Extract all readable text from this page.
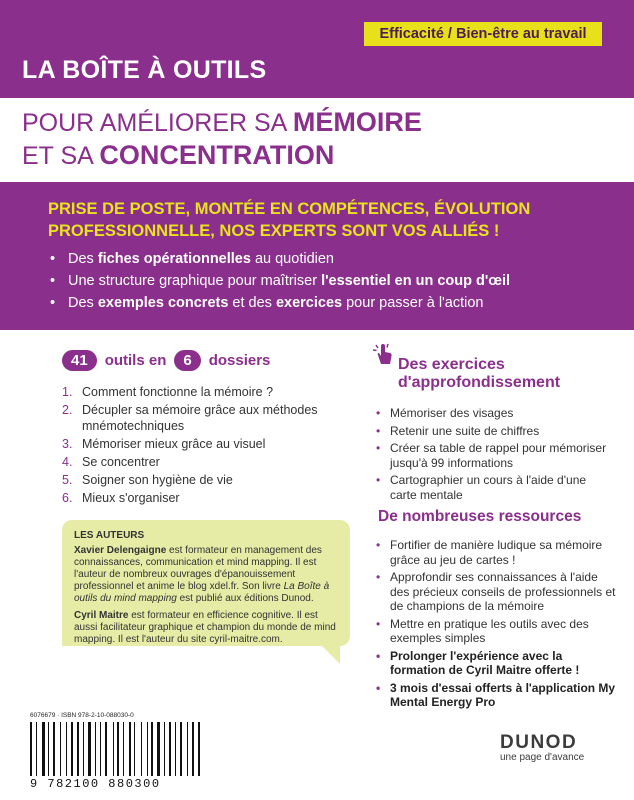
Efficacité / Bien-être au travail
LA BOÎTE À OUTILS
POUR AMÉLIORER SA MÉMOIRE
ET SA CONCENTRATION
PRISE DE POSTE, MONTÉE EN COMPÉTENCES, ÉVOLUTION PROFESSIONNELLE, NOS EXPERTS SONT VOS ALLIÉS !
• Des fiches opérationnelles au quotidien
• Une structure graphique pour maîtriser l'essentiel en un coup d'œil
• Des exemples concrets et des exercices pour passer à l'action
41	outils en	6	dossiers
1. Comment fonctionne la mémoire ?
2. Décupler sa mémoire grâce aux méthodes mnémotechniques
3. Mémoriser mieux grâce au visuel
4. Se concentrer
5. Soigner son hygiène de vie
6. Mieux s'organiser
LES AUTEURS

Xavier Delengaigne est formateur en management des connaissances, communication et mind mapping. Il est l'auteur de nombreux ouvrages d'épanouissement professionnel et anime le blog xdel.fr. Son livre La Boîte à outils du mind mapping est publié aux éditions Dunod.

Cyril Maitre est formateur en efficience cognitive. Il est aussi facilitateur graphique et champion du monde de mind mapping. Il est l'auteur du site cyril-maitre.com.

Des exercices
d'approfondissement
• Mémoriser des visages
• Retenir une suite de chiffres
• Créer sa table de rappel pour mémoriser jusqu'à 99 informations
• Cartographier un cours à l'aide d'une carte mentale
De nombreuses ressources
• Fortifier de manière ludique sa mémoire grâce au jeu de cartes !
• Approfondir ses connaissances à l'aide des précieux conseils de professionnels et de champions de la mémoire
• Mettre en pratique les outils avec des exemples simples
• Prolonger l'expérience avec la formation de Cyril Maitre offerte !
• 3 mois d'essai offerts à l'application My Mental Energy Pro
6076679 · ISBN 978-2-10-088030-0
9 782100 880300
DUNOD
une page d'avance
